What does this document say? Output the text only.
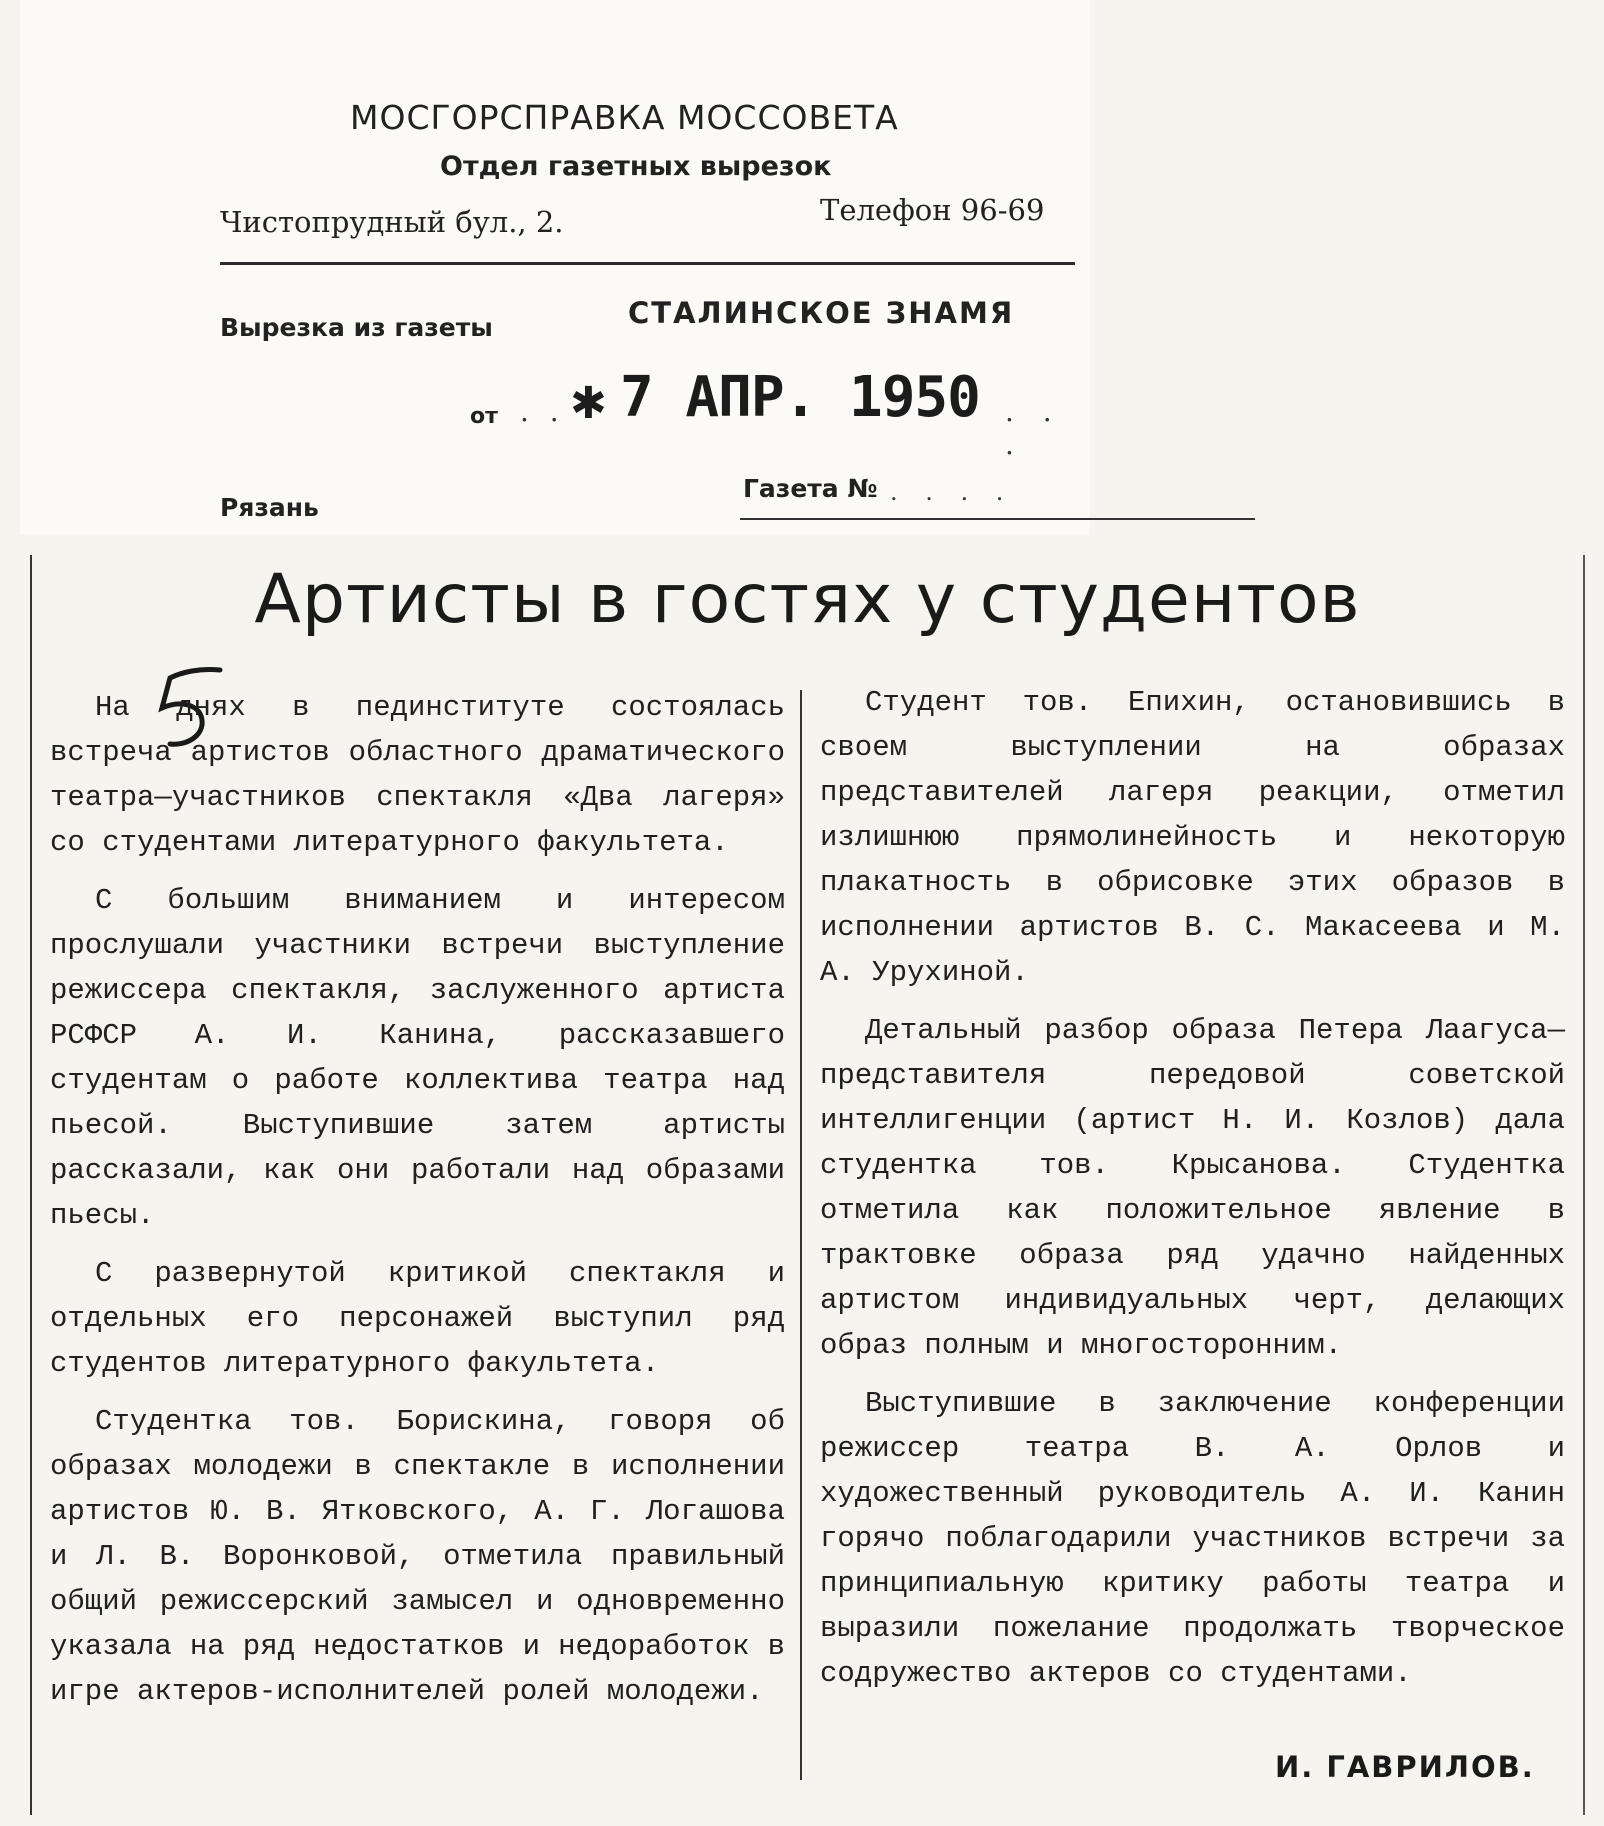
МОСГОРСПРАВКА МОССОВЕТА
Отдел газетных вырезок
Чистопрудный бул., 2.	Телефон 96-69
Вырезка из газеты	СТАЛИНСКОЕ ЗНАМЯ
от . . ✱ 7 АПР. 1950 . . .
Рязань
Газета № . . . .
Артисты в гостях у студентов

На днях в пединституте состоялась встреча артистов областного драматического театра—участников спектакля «Два лагеря» со студентами литературного факультета.

С большим вниманием и интересом прослушали участники встречи выступление режиссера спектакля, заслуженного артиста РСФСР А. И. Канина, рассказавшего студентам о работе коллектива театра над пьесой. Выступившие затем артисты рассказали, как они работали над образами пьесы.

С развернутой критикой спектакля и отдельных его персонажей выступил ряд студентов литературного факультета.

Студентка тов. Борискина, говоря об образах молодежи в спектакле в исполнении артистов Ю. В. Ятковского, А. Г. Логашова и Л. В. Воронковой, отметила правильный общий режиссерский замысел и одновременно указала на ряд недостатков и недоработок в игре актеров-исполнителей ролей молодежи.

Студент тов. Епихин, остановившись в своем выступлении на образах представителей лагеря реакции, отметил излишнюю прямолинейность и некоторую плакатность в обрисовке этих образов в исполнении артистов В. С. Макасеева и М. А. Урухиной.

Детальный разбор образа Петера Лаагуса—представителя передовой советской интеллигенции (артист Н. И. Козлов) дала студентка тов. Крысанова. Студентка отметила как положительное явление в трактовке образа ряд удачно найденных артистом индивидуальных черт, делающих образ полным и многосторонним.

Выступившие в заключение конференции режиссер театра В. А. Орлов и художественный руководитель А. И. Канин горячо поблагодарили участников встречи за принципиальную критику работы театра и выразили пожелание продолжать творческое содружество актеров со студентами.

И. ГАВРИЛОВ.
